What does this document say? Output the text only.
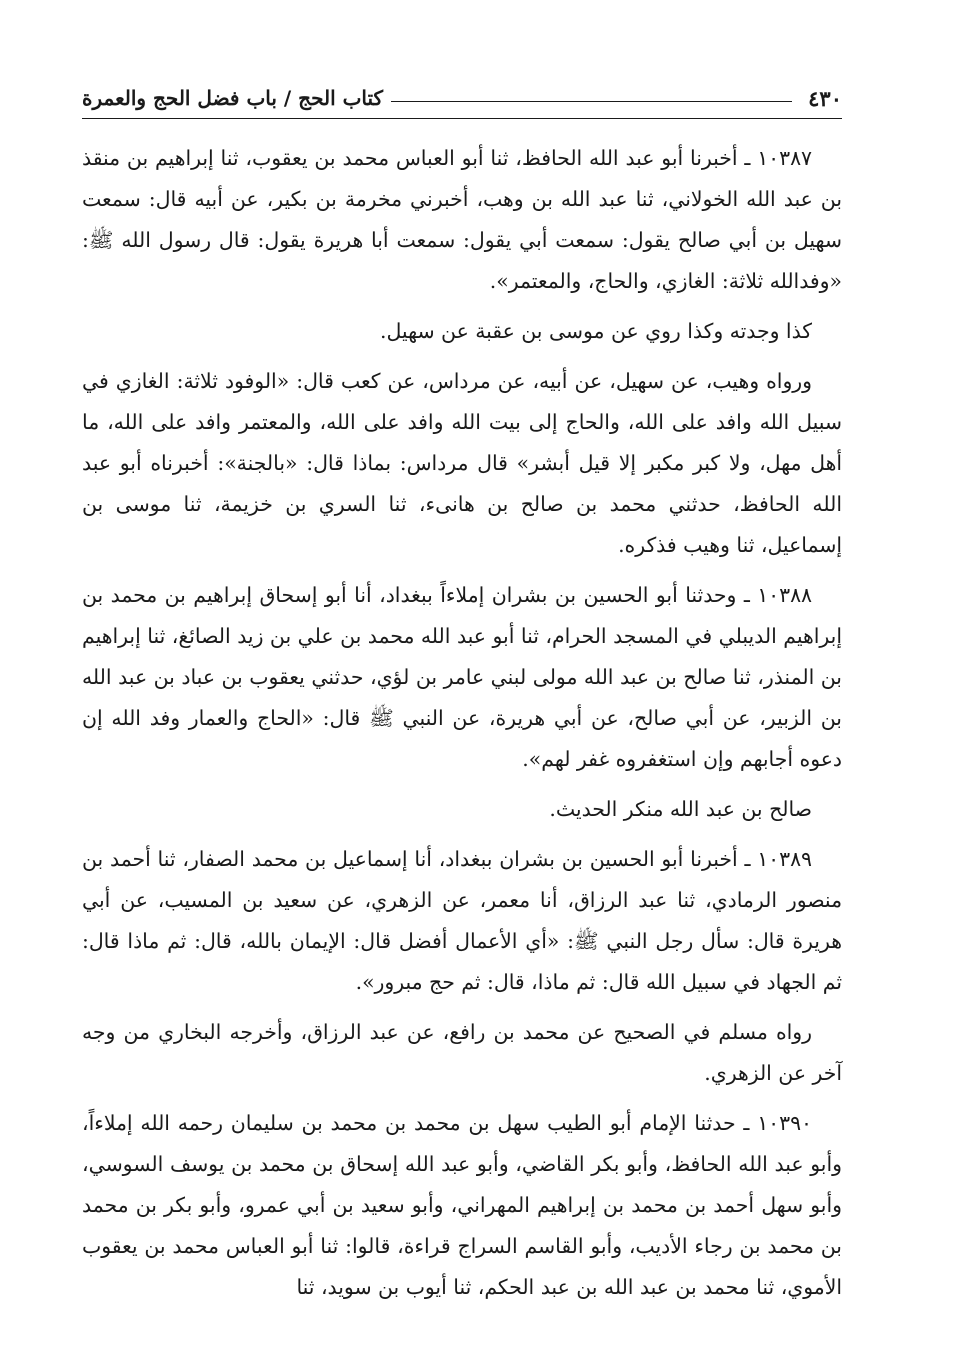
٤٣٠
كتاب الحج / باب فضل الحج والعمرة

١٠٣٨٧ ـ أخبرنا أبو عبد الله الحافظ، ثنا أبو العباس محمد بن يعقوب، ثنا إبراهيم بن منقذ بن عبد الله الخولاني، ثنا عبد الله بن وهب، أخبرني مخرمة بن بكير، عن أبيه قال: سمعت سهيل بن أبي صالح يقول: سمعت أبي يقول: سمعت أبا هريرة يقول: قال رسول الله ﷺ: «وفدالله ثلاثة: الغازي، والحاج، والمعتمر».

كذا وجدته وكذا روي عن موسى بن عقبة عن سهيل.

ورواه وهيب، عن سهيل، عن أبيه، عن مرداس، عن كعب قال: «الوفود ثلاثة: الغازي في سبيل الله وافد على الله، والحاج إلى بيت الله وافد على الله، والمعتمر وافد على الله، ما أهل مهل، ولا كبر مكبر إلا قيل أبشر» قال مرداس: بماذا قال: «بالجنة»: أخبرناه أبو عبد الله الحافظ، حدثني محمد بن صالح بن هانىء، ثنا السري بن خزيمة، ثنا موسى بن إسماعيل، ثنا وهيب فذكره.

١٠٣٨٨ ـ وحدثنا أبو الحسين بن بشران إملاءاً ببغداد، أنا أبو إسحاق إبراهيم بن محمد بن إبراهيم الديبلي في المسجد الحرام، ثنا أبو عبد الله محمد بن علي بن زيد الصائغ، ثنا إبراهيم بن المنذر، ثنا صالح بن عبد الله مولى لبني عامر بن لؤي، حدثني يعقوب بن عباد بن عبد الله بن الزبير، عن أبي صالح، عن أبي هريرة، عن النبي ﷺ قال: «الحاج والعمار وفد الله إن دعوه أجابهم وإن استغفروه غفر لهم».

صالح بن عبد الله منكر الحديث.

١٠٣٨٩ ـ أخبرنا أبو الحسين بن بشران ببغداد، أنا إسماعيل بن محمد الصفار، ثنا أحمد بن منصور الرمادي، ثنا عبد الرزاق، أنا معمر، عن الزهري، عن سعيد بن المسيب، عن أبي هريرة قال: سأل رجل النبي ﷺ: «أي الأعمال أفضل قال: الإيمان بالله، قال: ثم ماذا قال: ثم الجهاد في سبيل الله قال: ثم ماذا، قال: ثم حج مبرور».

رواه مسلم في الصحيح عن محمد بن رافع، عن عبد الرزاق، وأخرجه البخاري من وجه آخر عن الزهري.

١٠٣٩٠ ـ حدثنا الإمام أبو الطيب سهل بن محمد بن محمد بن سليمان رحمه الله إملاءاً، وأبو عبد الله الحافظ، وأبو بكر القاضي، وأبو عبد الله إسحاق بن محمد بن يوسف السوسي، وأبو سهل أحمد بن محمد بن إبراهيم المهراني، وأبو سعيد بن أبي عمرو، وأبو بكر بن محمد بن محمد بن رجاء الأديب، وأبو القاسم السراج قراءة، قالوا: ثنا أبو العباس محمد بن يعقوب الأموي، ثنا محمد بن عبد الله بن عبد الحكم، ثنا أيوب بن سويد، ثنا
